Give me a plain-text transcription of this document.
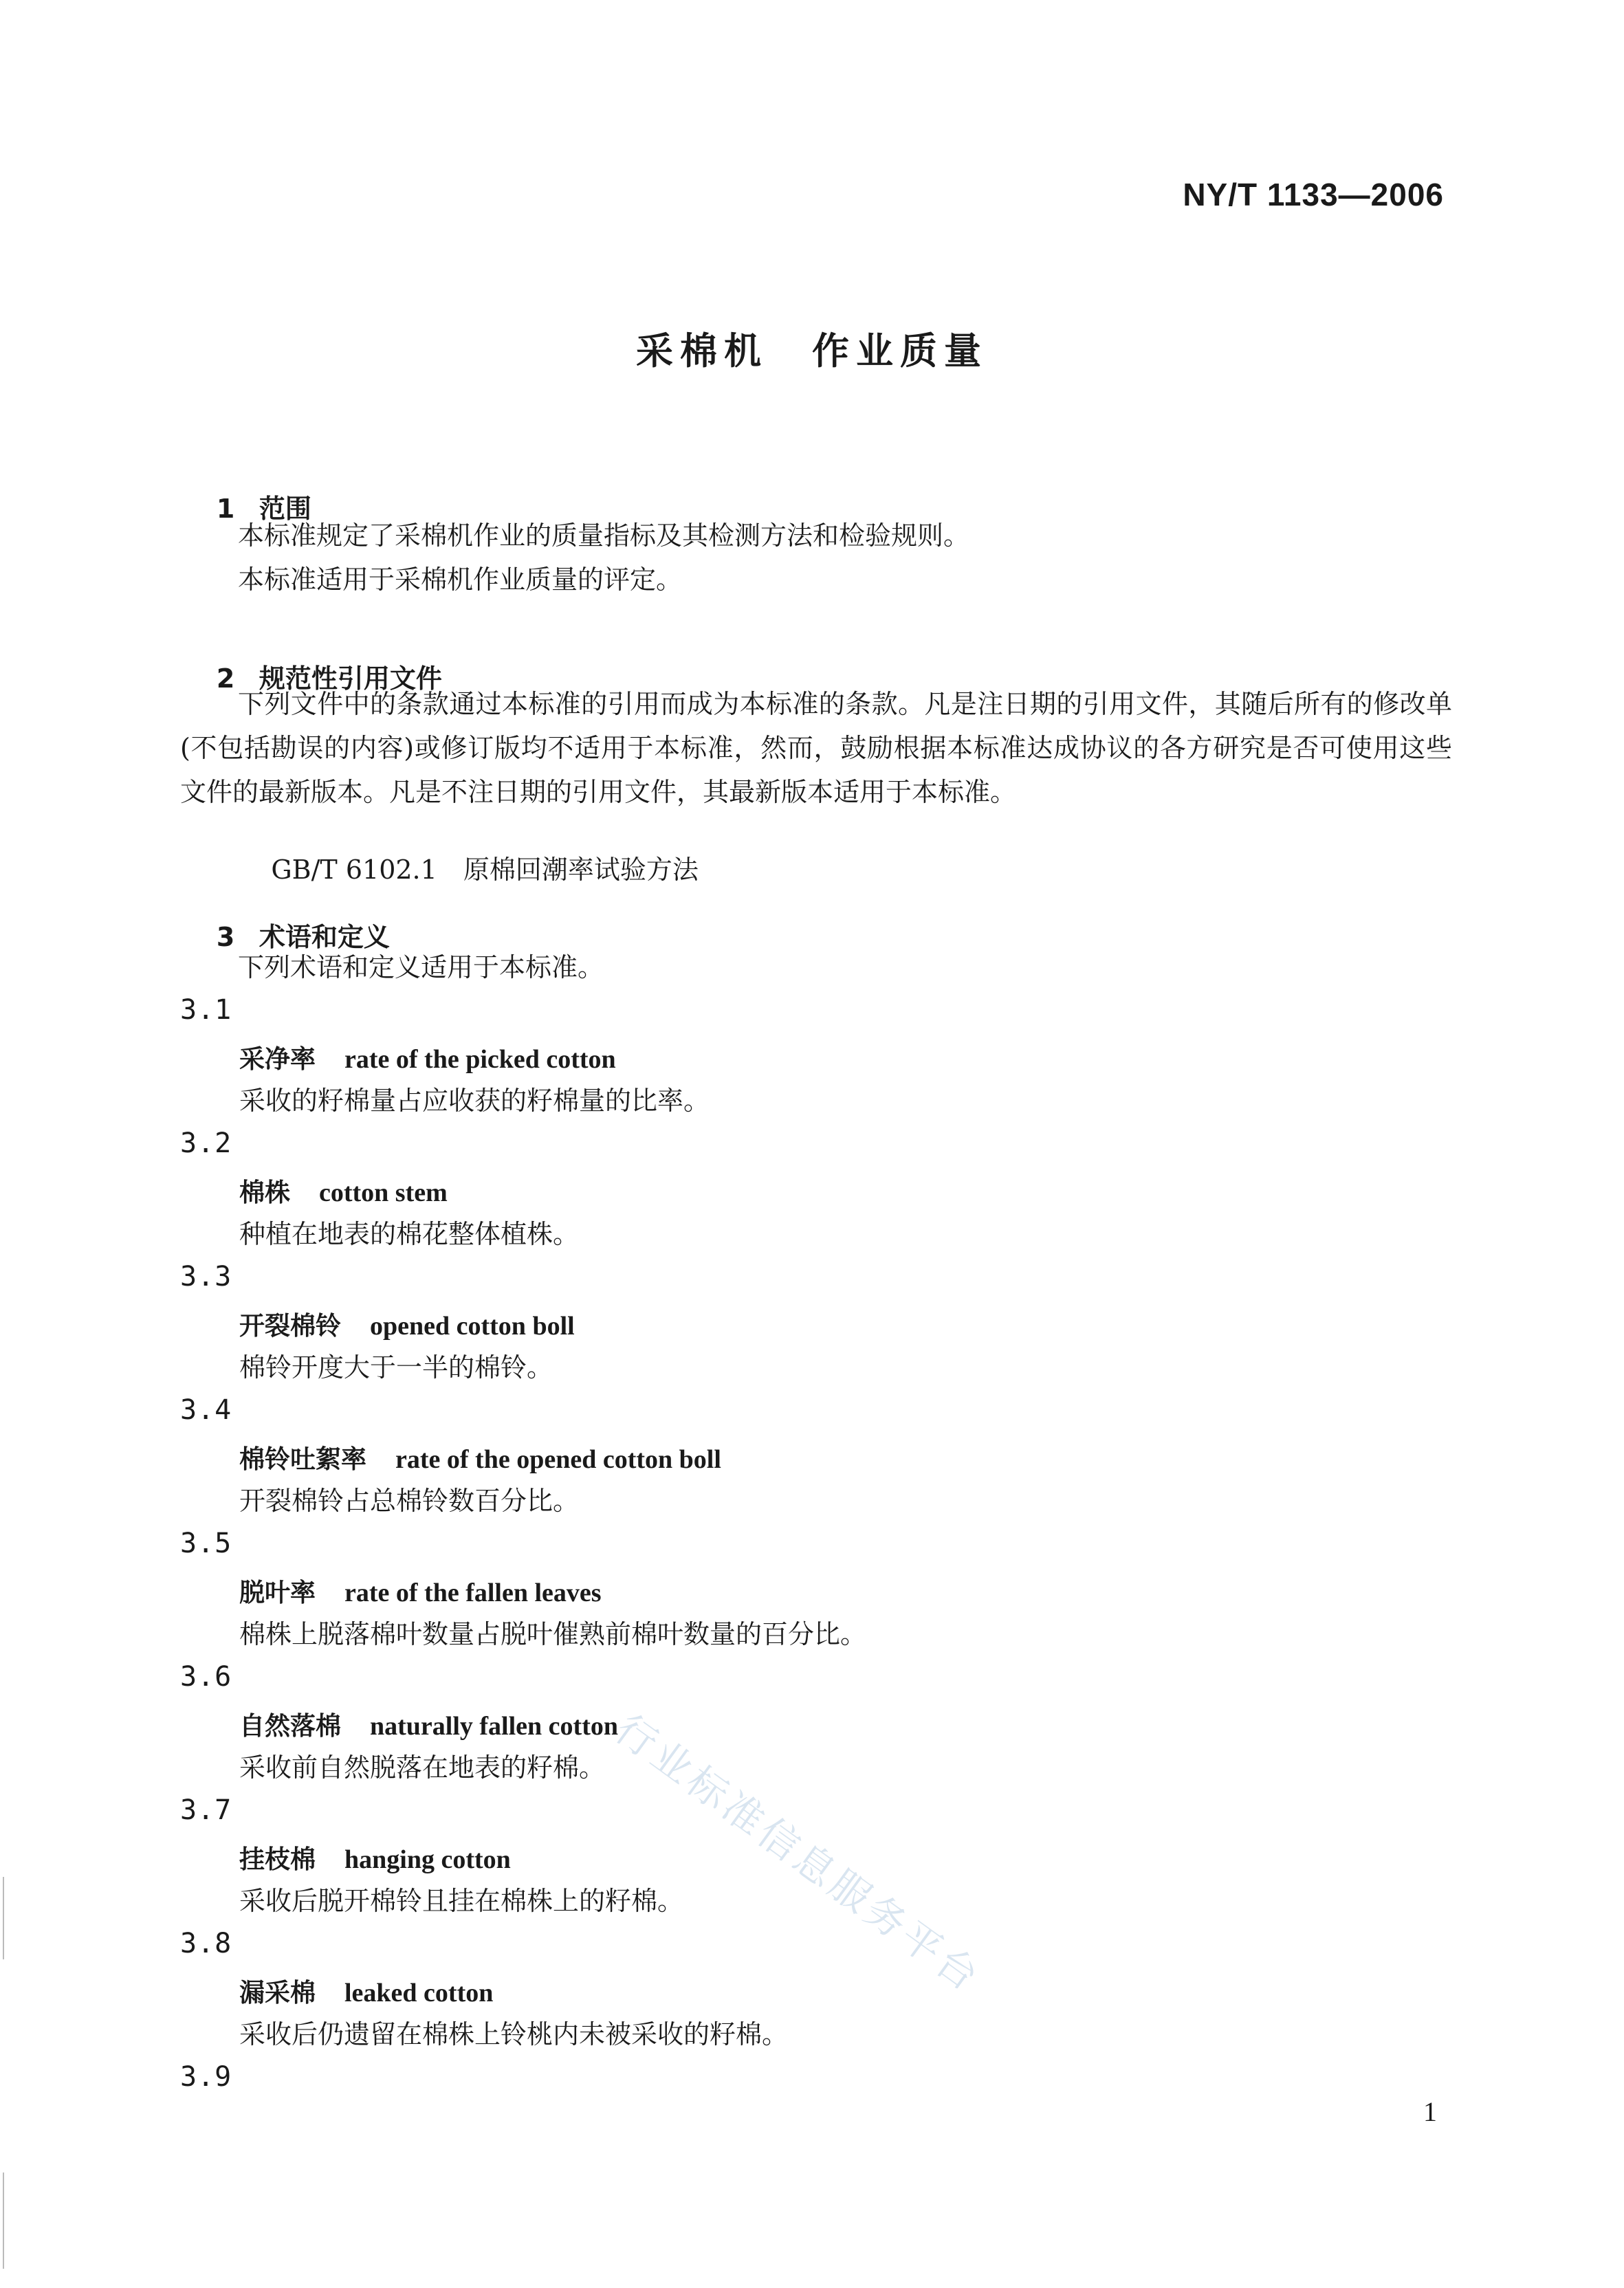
NY/T 1133—2006
采棉机　作业质量

1 范围

本标准规定了采棉机作业的质量指标及其检测方法和检验规则。
本标准适用于采棉机作业质量的评定。

2 规范性引用文件

下列文件中的条款通过本标准的引用而成为本标准的条款。凡是注日期的引用文件，其随后所有的修改单(不包括勘误的内容)或修订版均不适用于本标准，然而，鼓励根据本标准达成协议的各方研究是否可使用这些文件的最新版本。凡是不注日期的引用文件，其最新版本适用于本标准。

GB/T 6102.1　 原棉回潮率试验方法

3 术语和定义

下列术语和定义适用于本标准。
3.1
采净率 rate of the picked cotton
采收的籽棉量占应收获的籽棉量的比率。
3.2
棉株 cotton stem
种植在地表的棉花整体植株。
3.3
开裂棉铃 opened cotton boll
棉铃开度大于一半的棉铃。
3.4
棉铃吐絮率 rate of the opened cotton boll
开裂棉铃占总棉铃数百分比。
3.5
脱叶率 rate of the fallen leaves
棉株上脱落棉叶数量占脱叶催熟前棉叶数量的百分比。
3.6
自然落棉 naturally fallen cotton
采收前自然脱落在地表的籽棉。
3.7
挂枝棉 hanging cotton
采收后脱开棉铃且挂在棉株上的籽棉。
3.8
漏采棉 leaked cotton
采收后仍遗留在棉株上铃桃内未被采收的籽棉。
3.9
1
行业标准信息服务平台
